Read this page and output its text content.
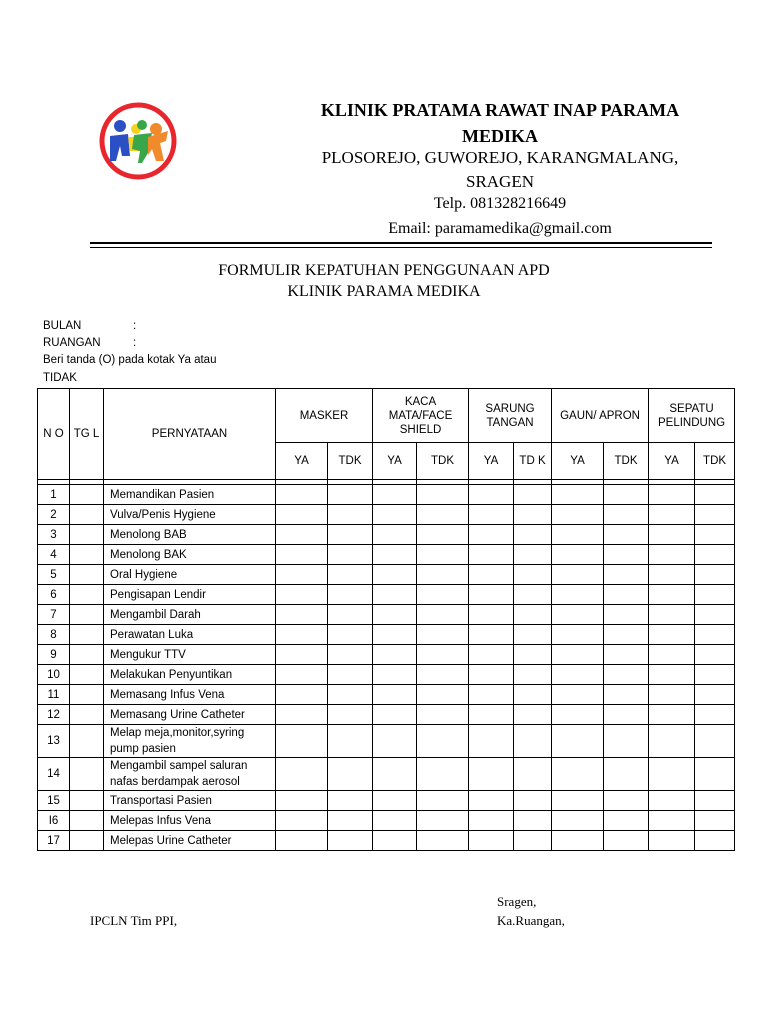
KLINIK PRATAMA RAWAT INAP PARAMA MEDIKA
PLOSOREJO, GUWOREJO, KARANGMALANG, SRAGEN
Telp. 081328216649
Email: paramamedika@gmail.com
FORMULIR KEPATUHAN PENGGUNAAN APD
KLINIK PARAMA MEDIKA
BULAN	:
RUANGAN	:
Beri tanda (O) pada kotak Ya atau
TIDAK
N O	TG L	PERNYATAAN	MASKER		KACA MATA/FACE SHIELD		SARUNG TANGAN		GAUN/ APRON		SEPATU PELINDUNG	
			YA	TDK	YA	TDK	YA	TD K	YA	TDK	YA	TDK

1		Memandikan Pasien										
2		Vulva/Penis Hygiene										
3		Menolong BAB										
4		Menolong BAK										
5		Oral Hygiene										
6		Pengisapan Lendir										
7		Mengambil Darah										
8		Perawatan Luka										
9		Mengukur TTV										
10		Melakukan Penyuntikan										
11		Memasang Infus Vena										
12		Memasang Urine Catheter										
13		Melap meja,monitor,syring pump pasien										
14		Mengambil sampel saluran nafas berdampak aerosol										
15		Transportasi Pasien										
I6		Melepas Infus Vena										
17		Melepas Urine Catheter										
IPCLN Tim PPI,
Sragen,
Ka.Ruangan,
